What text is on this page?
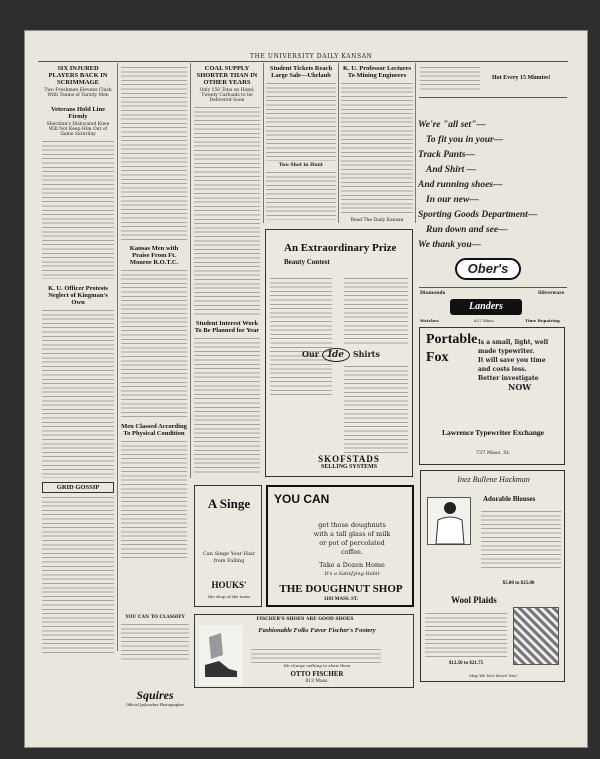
THE UNIVERSITY DAILY KANSAN
SIX INJURED PLAYERS BACK IN SCRIMMAGE
Two Freshmen Elevens Clash With Teams of Varsity Men
Veterans Hold Line Firmly
Sheridan's Dislocated Knee Will Not Keep Him Out of Game Saturday
K. U. Officer Protests Neglect of Kingman's Own
GRID GOSSIP
Kansas Men with Praise From Ft. Monroe R.O.T.C.
Men Classed According To Physical Condition
COAL SUPPLY SHORTER THAN IN OTHER YEARS
Only 150 Tons on Hand, Twenty Carloads to be Delivered Soon
Student Interest Work To Be Planned for Year
Student Tickets Reach Large Sale—Uhrlaub
Two Shot in Hunt
K. U. Professor Lectures To Mining Engineers
Read The Daily Kansan
Hot Every 15 Minutes!
We're "all set"—
To fit you in your—
Track Pants—
And Shirt —
And running shoes—
In our new—
Sporting Goods Department—
Run down and see—
We thank you—
Ober's
Diamonds	Silverware
Landers
Watches	827 Mass.	Time Repairing
Portable
Fox
Is a small, light, well
made typewriter.
It will save you time
and costs less.
Better investigate
NOW
Lawrence Typewriter Exchange
737 Mass. St.
An Extraordinary Prize
Beauty Contest
Our Ide Shirts
SKOFSTADS
SELLING SYSTEMS
A Singe
Can Singe Your Hair from Falling
HOUKS'
the shop of the town
YOU CAN
get those doughnuts
with a tall glass of milk
or pot of percolated
coffee.
Take a Dozen Home
It's a Satisfying Habit
THE DOUGHNUT SHOP
1103 MASS. ST.
Inez Bullene Hackman
Adorable Blouses
$5.00 to $25.00
Wool Plaids
$12.50 to $21.75
May We Not Serve You?
FISCHER'S SHOES ARE GOOD SHOES
Fashionable Folks Favor Fischer's Footery
We charge nothing to show them
OTTO FISCHER
813 Mass.
YOU CAN TO CLASSIFY
Squires
Official Jayhawker Photographer
